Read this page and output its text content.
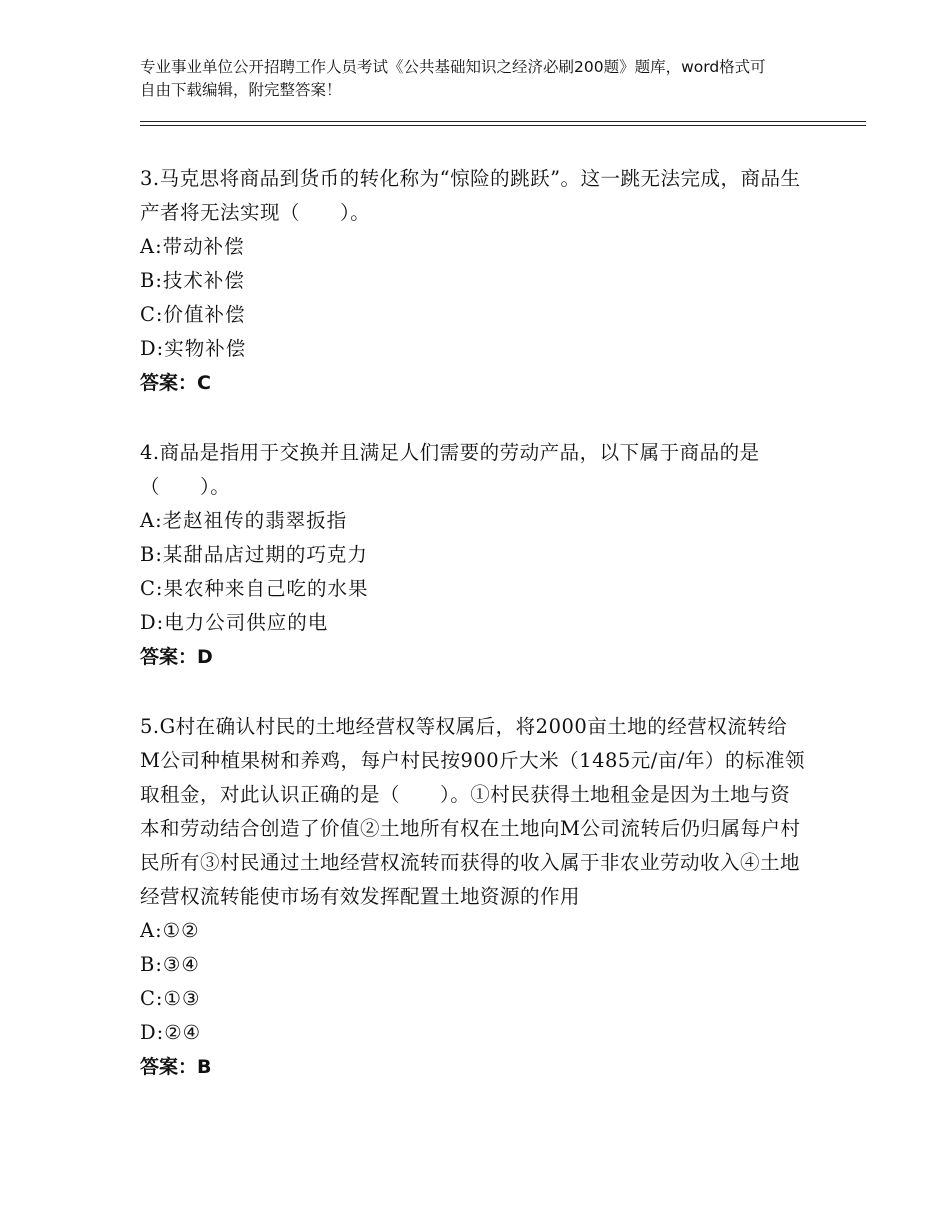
专业事业单位公开招聘工作人员考试《公共基础知识之经济必刷200题》题库，word格式可自由下载编辑，附完整答案！
3.马克思将商品到货币的转化称为“惊险的跳跃”。这一跳无法完成，商品生产者将无法实现（　　）。
A:带动补偿
B:技术补偿
C:价值补偿
D:实物补偿
答案：C
4.商品是指用于交换并且满足人们需要的劳动产品，以下属于商品的是（　　）。
A:老赵祖传的翡翠扳指
B:某甜品店过期的巧克力
C:果农种来自己吃的水果
D:电力公司供应的电
答案：D
5.G村在确认村民的土地经营权等权属后，将2000亩土地的经营权流转给M公司种植果树和养鸡，每户村民按900斤大米（1485元/亩/年）的标准领取租金，对此认识正确的是（　　）。①村民获得土地租金是因为土地与资本和劳动结合创造了价值②土地所有权在土地向M公司流转后仍归属每户村民所有③村民通过土地经营权流转而获得的收入属于非农业劳动收入④土地经营权流转能使市场有效发挥配置土地资源的作用
A:①②
B:③④
C:①③
D:②④
答案：B
